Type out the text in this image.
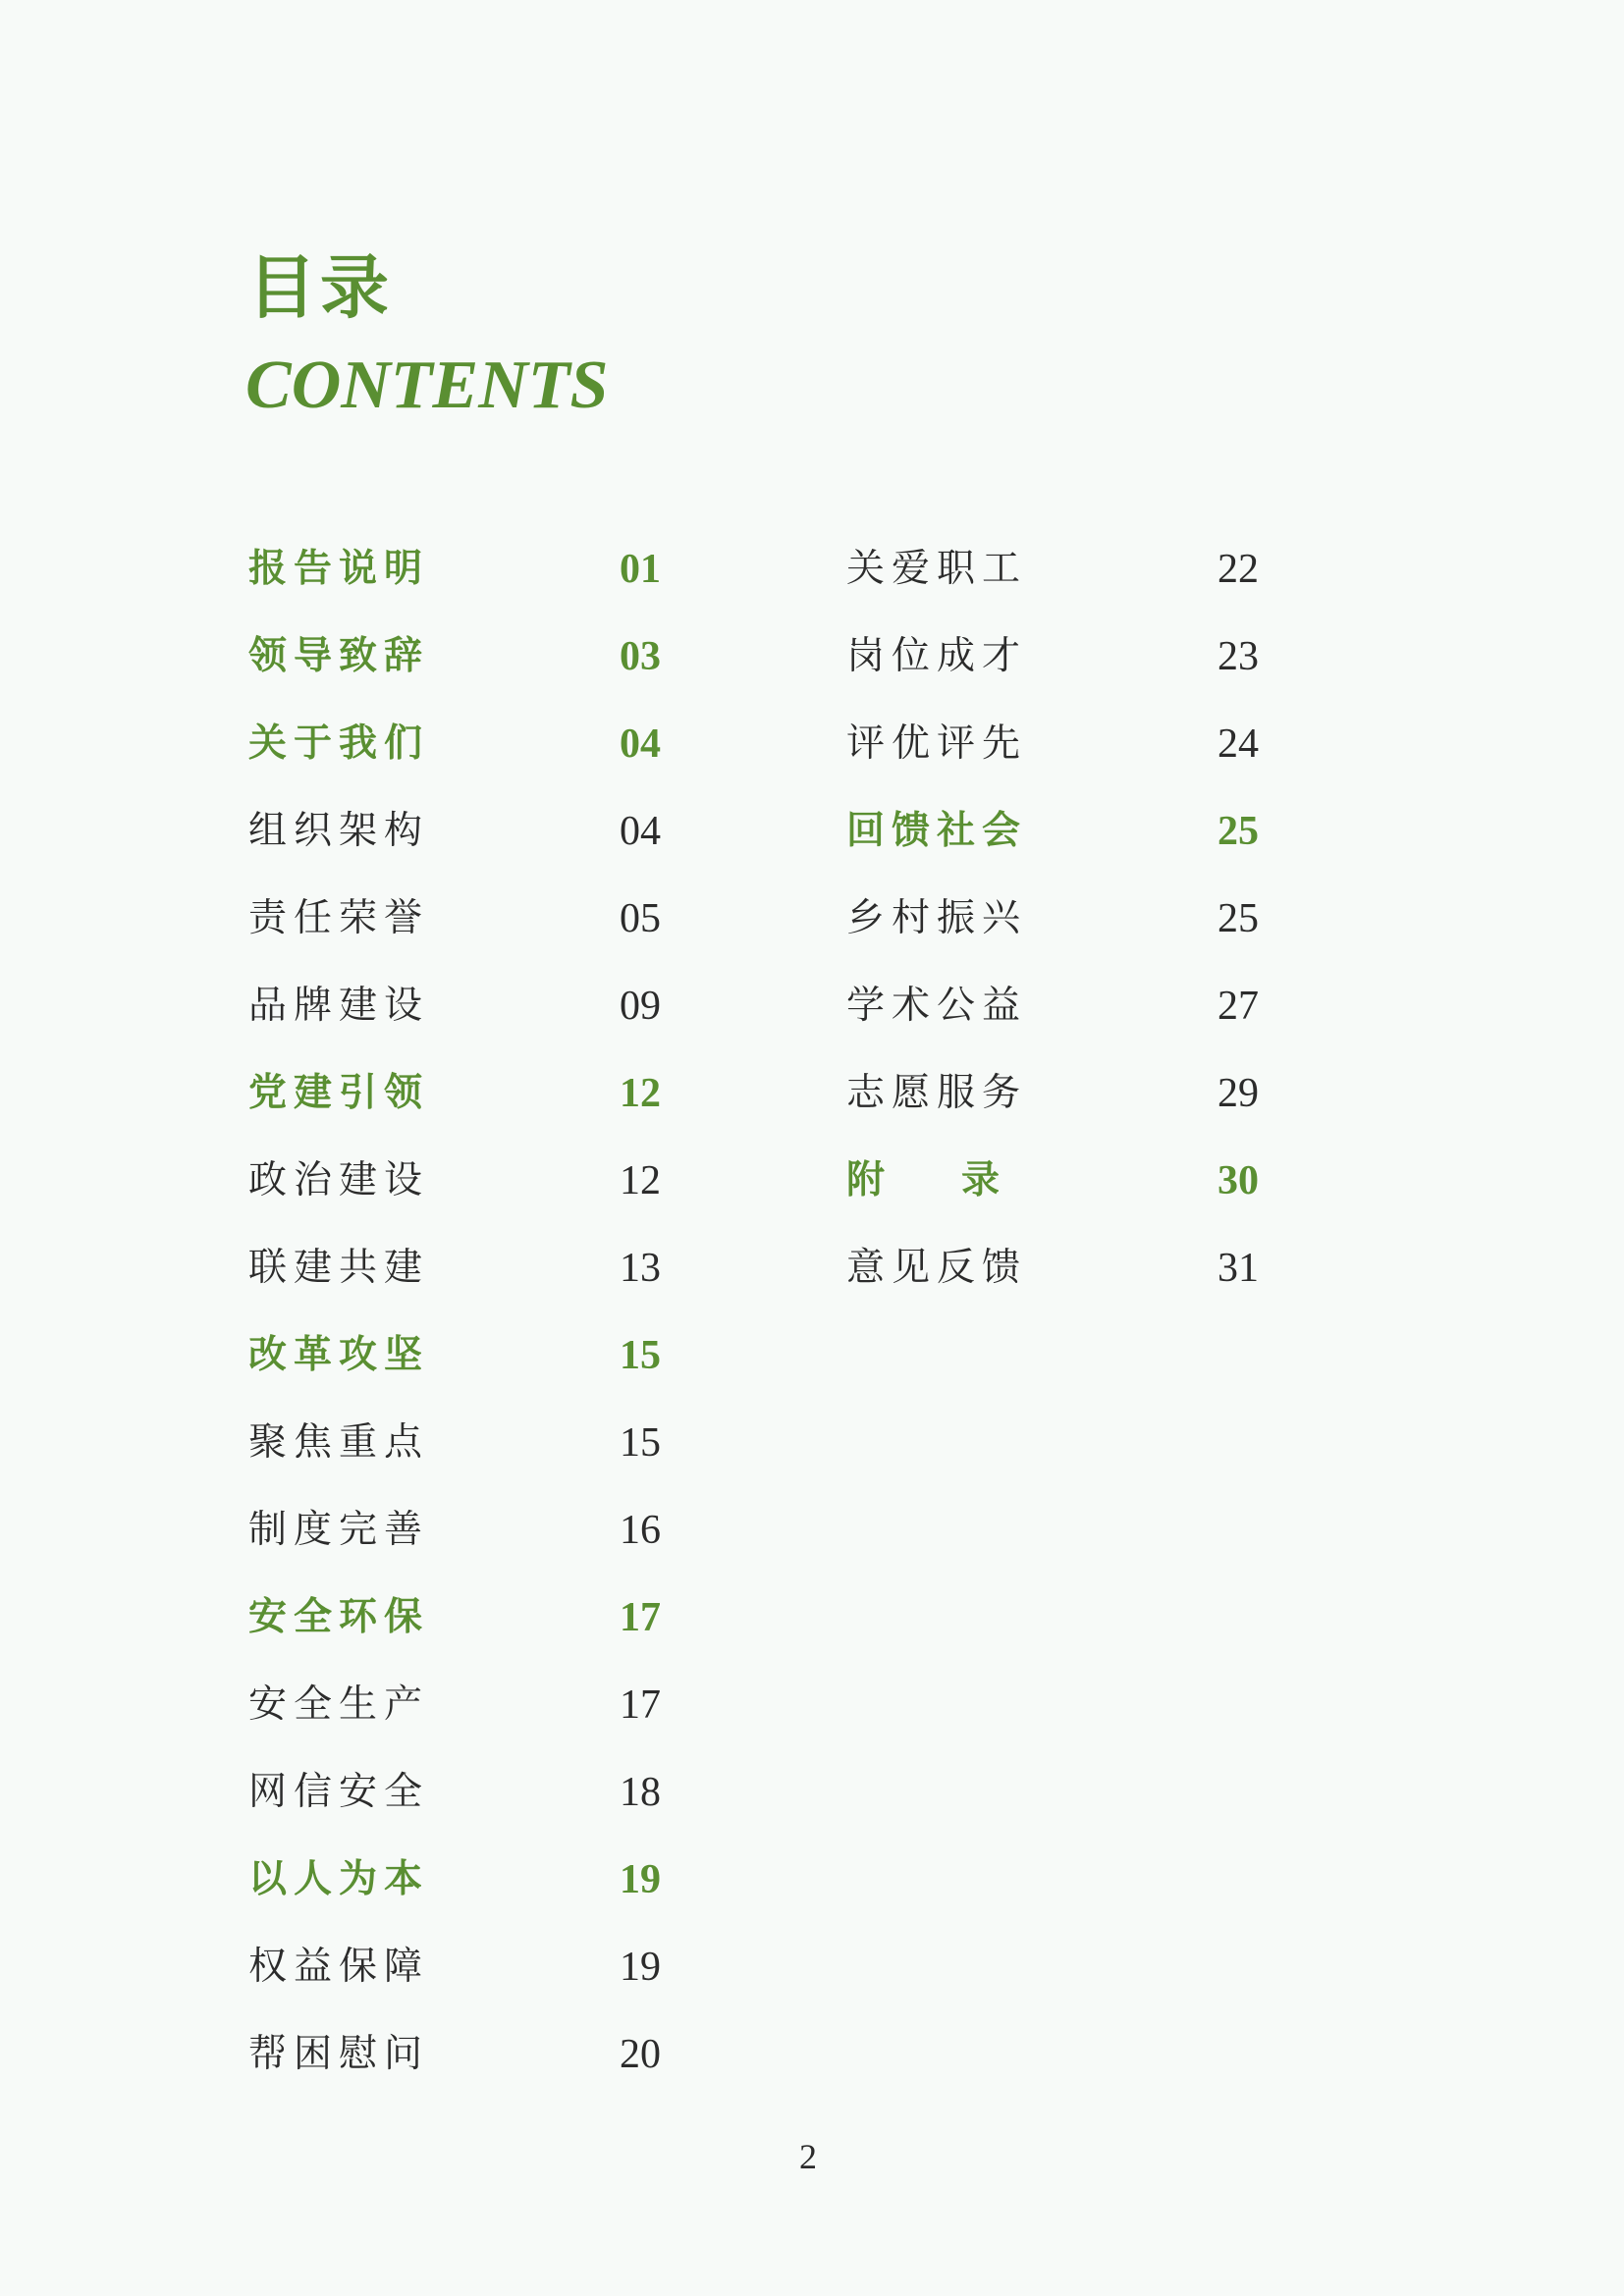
目录
CONTENTS
报告说明	01
领导致辞	03
关于我们	04
组织架构	04
责任荣誉	05
品牌建设	09
党建引领	12
政治建设	12
联建共建	13
改革攻坚	15
聚焦重点	15
制度完善	16
安全环保	17
安全生产	17
网信安全	18
以人为本	19
权益保障	19
帮困慰问	20
关爱职工	22
岗位成才	23
评优评先	24
回馈社会	25
乡村振兴	25
学术公益	27
志愿服务	29
附　　录	30
意见反馈	31
2
